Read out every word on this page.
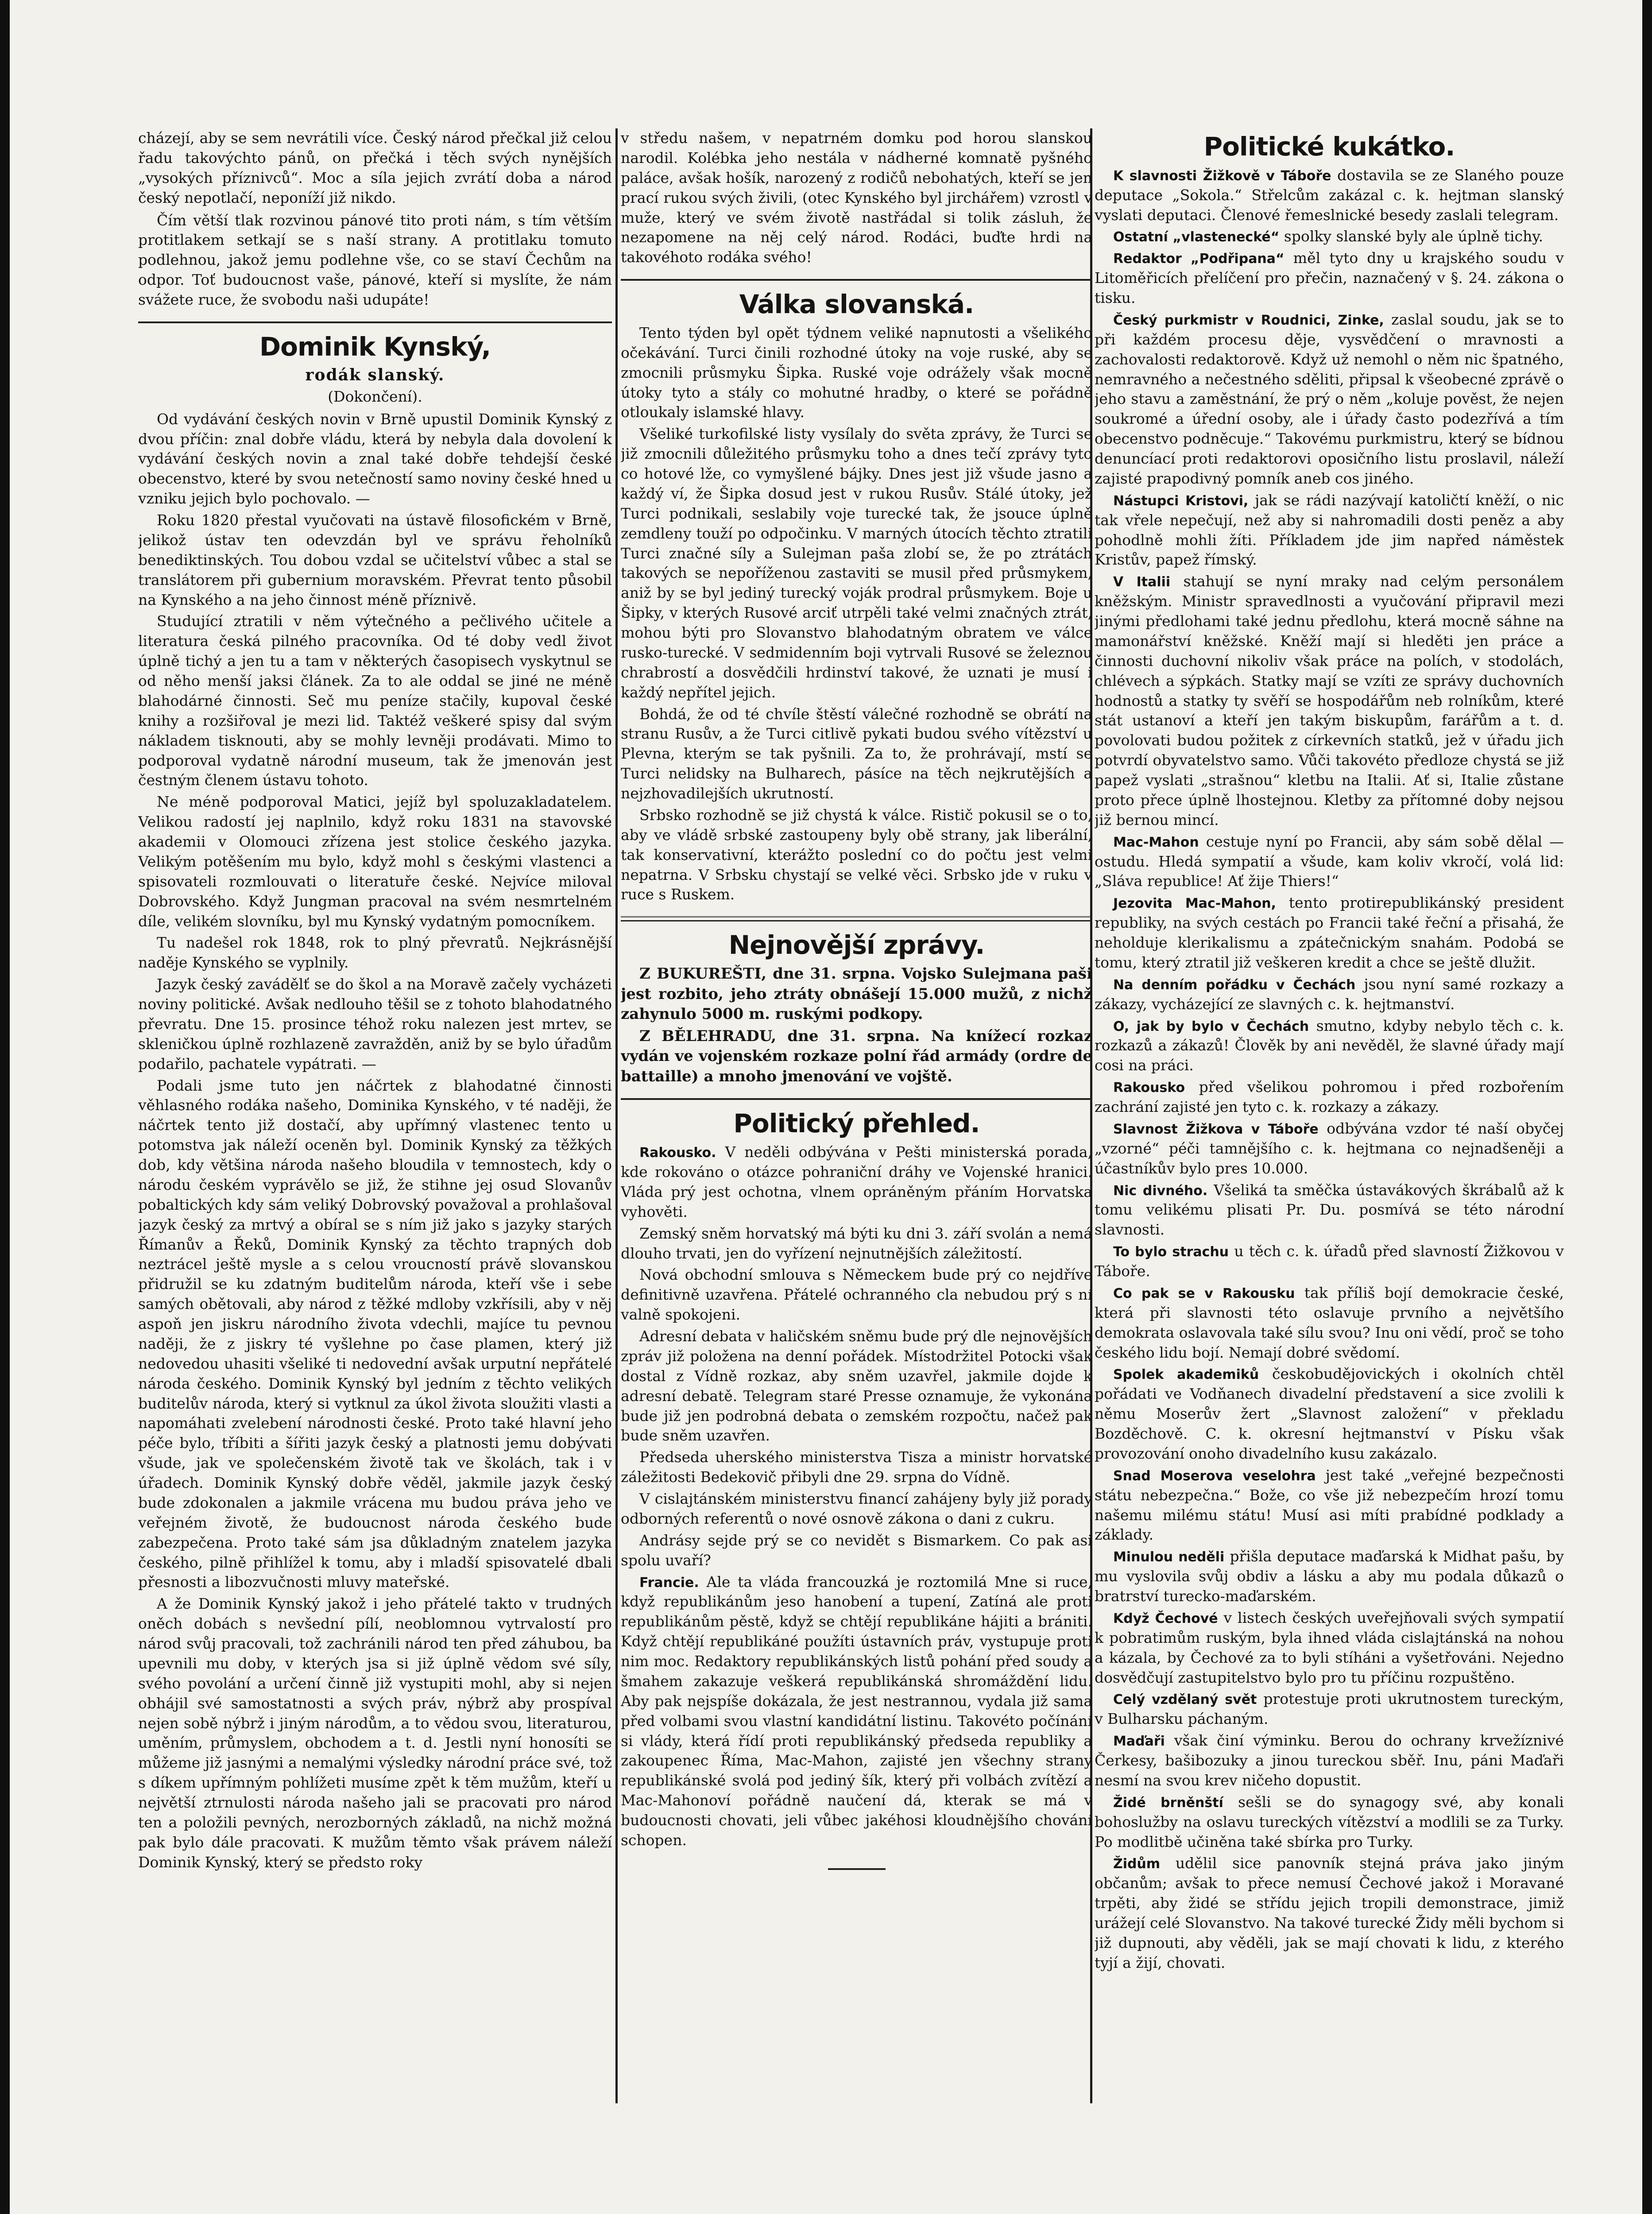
cházejí, aby se sem nevrátili více. Český národ přečkal již celou řadu takovýchto pánů, on přečká i těch svých nynějších „vysokých příznivců“. Moc a síla jejich zvrátí doba a národ český nepotlačí, neponíží již nikdo.

Čím větší tlak rozvinou pánové tito proti nám, s tím větším protitlakem setkají se s naší strany. A protitlaku tomuto podlehnou, jakož jemu podlehne vše, co se staví Čechům na odpor. Toť budoucnost vaše, pánové, kteří si myslíte, že nám svážete ruce, že svobodu naši udupáte!

Dominik Kynský,
rodák slanský.
(Dokončení).

Od vydávání českých novin v Brně upustil Dominik Kynský z dvou příčin: znal dobře vládu, která by nebyla dala dovolení k vydávání českých novin a znal také dobře tehdejší české obecenstvo, které by svou netečností samo noviny české hned u vzniku jejich bylo pochovalo. —

Roku 1820 přestal vyučovati na ústavě filosofickém v Brně, jelikož ústav ten odevzdán byl ve správu řeholníků benediktinských. Tou dobou vzdal se učitelství vůbec a stal se translátorem při gubernium moravském. Převrat tento působil na Kynského a na jeho činnost méně příznivě.

Studující ztratili v něm výtečného a pečlivého učitele a literatura česká pilného pracovníka. Od té doby vedl život úplně tichý a jen tu a tam v některých časopisech vyskytnul se od něho menší jaksi článek. Za to ale oddal se jiné ne méně blahodárné činnosti. Seč mu peníze stačily, kupoval české knihy a rozšiřoval je mezi lid. Taktéž veškeré spisy dal svým nákladem tisknouti, aby se mohly levněji prodávati. Mimo to podporoval vydatně národní museum, tak že jmenován jest čestným členem ústavu tohoto.

Ne méně podporoval Matici, jejíž byl spoluzakladatelem. Velikou radostí jej naplnilo, když roku 1831 na stavovské akademii v Olomouci zřízena jest stolice českého jazyka. Velikým potěšením mu bylo, když mohl s českými vlastenci a spisovateli rozmlouvati o literatuře české. Nejvíce miloval Dobrovského. Když Jungman pracoval na svém nesmrtelném díle, velikém slovníku, byl mu Kynský vydatným pomocníkem.

Tu nadešel rok 1848, rok to plný převratů. Nejkrásnější naděje Kynského se vyplnily.

Jazyk český zavádělť se do škol a na Moravě začely vycházeti noviny politické. Avšak nedlouho těšil se z tohoto blahodatného převratu. Dne 15. prosince téhož roku nalezen jest mrtev, se skleničkou úplně rozhlazeně zavražděn, aniž by se bylo úřadům podařilo, pachatele vypátrati. —

Podali jsme tuto jen náčrtek z blahodatné činnosti věhlasného rodáka našeho, Dominika Kynského, v té naději, že náčrtek tento již dostačí, aby upřímný vlastenec tento u potomstva jak náleží oceněn byl. Dominik Kynský za těžkých dob, kdy většina národa našeho bloudila v temnostech, kdy o národu českém vyprávělo se již, že stihne jej osud Slovanův pobaltických kdy sám veliký Dobrovský považoval a prohlašoval jazyk český za mrtvý a obíral se s ním již jako s jazyky starých Římanův a Řeků, Dominik Kynský za těchto trapných dob neztrácel ještě mysle a s celou vroucností právě slovanskou přidružil se ku zdatným buditelům národa, kteří vše i sebe samých obětovali, aby národ z těžké mdloby vzkřísili, aby v něj aspoň jen jiskru národního života vdechli, majíce tu pevnou naději, že z jiskry té vyšlehne po čase plamen, který již nedovedou uhasiti všeliké ti nedovední avšak urputní nepřátelé národa českého. Dominik Kynský byl jedním z těchto velikých buditelův národa, který si vytknul za úkol života sloužiti vlasti a napomáhati zvelebení národnosti české. Proto také hlavní jeho péče bylo, tříbiti a šířiti jazyk český a platnosti jemu dobývati všude, jak ve společenském životě tak ve školách, tak i v úřadech. Dominik Kynský dobře věděl, jakmile jazyk český bude zdokonalen a jakmile vrácena mu budou práva jeho ve veřejném životě, že budoucnost národa českého bude zabezpečena. Proto také sám jsa důkladným znatelem jazyka českého, pilně přihlížel k tomu, aby i mladší spisovatelé dbali přesnosti a libozvučnosti mluvy mateřské.

A že Dominik Kynský jakož i jeho přátelé takto v trudných oněch dobách s nevšední pílí, neoblomnou vytrvalostí pro národ svůj pracovali, tož zachránili národ ten před záhubou, ba upevnili mu doby, v kterých jsa si již úplně vědom své síly, svého povolání a určení činně již vystupiti mohl, aby si nejen obhájil své samostatnosti a svých práv, nýbrž aby prospíval nejen sobě nýbrž i jiným národům, a to vědou svou, literaturou, uměním, průmyslem, obchodem a t. d. Jestli nyní honosíti se můžeme již jasnými a nemalými výsledky národní práce své, tož s díkem upřímným pohlížeti musíme zpět k těm mužům, kteří u největší ztrnulosti národa našeho jali se pracovati pro národ ten a položili pevných, nerozborných základů, na nichž možná pak bylo dále pracovati. K mužům těmto však právem náleží Dominik Kynský, který se předsto roky

v středu našem, v nepatrném domku pod horou slanskou narodil. Kolébka jeho nestála v nádherné komnatě pyšného paláce, avšak hošík, narozený z rodičů nebohatých, kteří se jen prací rukou svých živili, (otec Kynského byl jirchářem) vzrostl v muže, který ve svém životě nastřádal si tolik zásluh, že nezapomene na něj celý národ. Rodáci, buďte hrdi na takovéhoto rodáka svého!

Válka slovanská.

Tento týden byl opět týdnem veliké napnutosti a všelikého očekávání. Turci činili rozhodné útoky na voje ruské, aby se zmocnili průsmyku Šipka. Ruské voje odrážely však mocně útoky tyto a stály co mohutné hradby, o které se pořádně otloukaly islamské hlavy.

Všeliké turkofilské listy vysílaly do světa zprávy, že Turci se již zmocnili důležitého průsmyku toho a dnes tečí zprávy tyto co hotové lže, co vymyšlené bájky. Dnes jest již všude jasno a každý ví, že Šipka dosud jest v rukou Rusův. Stálé útoky, jež Turci podnikali, seslabily voje turecké tak, že jsouce úplně zemdleny touží po odpočinku. V marných útocích těchto ztratili Turci značné síly a Sulejman paša zlobí se, že po ztrátách takových se nepoříženou zastaviti se musil před průsmykem, aniž by se byl jediný turecký voják prodral průsmykem. Boje u Šipky, v kterých Rusové arciť utrpěli také velmi značných ztrát, mohou býti pro Slovanstvo blahodatným obratem ve válce rusko-turecké. V sedmidenním boji vytrvali Rusové se železnou chrabrostí a dosvědčili hrdinství takové, že uznati je musí i každý nepřítel jejich.

Bohdá, že od té chvíle štěstí válečné rozhodně se obrátí na stranu Rusův, a že Turci citlivě pykati budou svého vítězství u Plevna, kterým se tak pyšnili. Za to, že prohrávají, mstí se Turci nelidsky na Bulharech, pásíce na těch nejkrutějších a nejzhovadilejších ukrutností.

Srbsko rozhodně se již chystá k válce. Ristič pokusil se o to, aby ve vládě srbské zastoupeny byly obě strany, jak liberální, tak konservativní, kterážto poslední co do počtu jest velmi nepatrna. V Srbsku chystají se velké věci. Srbsko jde v ruku v ruce s Ruskem.

Nejnovější zprávy.

Z BUKUREŠTI, dne 31. srpna. Vojsko Sulejmana paši jest rozbito, jeho ztráty obnášejí 15.000 mužů, z nichž zahynulo 5000 m. ruskými podkopy.

Z BĚLEHRADU, dne 31. srpna. Na knížecí rozkaz vydán ve vojenském rozkaze polní řád armády (ordre de battaille) a mnoho jmenování ve vojště.

Politický přehled.

Rakousko. V neděli odbývána v Pešti ministerská porada, kde rokováno o otázce pohraniční dráhy ve Vojenské hranici. Vláda prý jest ochotna, vlnem opráněným přáním Horvatska vyhověti.

Zemský sněm horvatský má býti ku dni 3. září svolán a nemá dlouho trvati, jen do vyřízení nejnutnějších záležitostí.

Nová obchodní smlouva s Německem bude prý co nejdříve definitivně uzavřena. Přátelé ochranného cla nebudou prý s ní valně spokojeni.

Adresní debata v haličském sněmu bude prý dle nejnovějších zpráv již položena na denní pořádek. Místodržitel Potocki však dostal z Vídně rozkaz, aby sněm uzavřel, jakmile dojde k adresní debatě. Telegram staré Presse oznamuje, že vykonána bude již jen podrobná debata o zemském rozpočtu, načež pak bude sněm uzavřen.

Předseda uherského ministerstva Tisza a ministr horvatské záležitosti Bedekovič přibyli dne 29. srpna do Vídně.

V cislajtánském ministerstvu financí zahájeny byly již porady odborných referentů o nové osnově zákona o dani z cukru.

Andrásy sejde prý se co nevidět s Bismarkem. Co pak asi spolu uvaří?

Francie. Ale ta vláda francouzká je roztomilá Mne si ruce, když republikánům jeso hanobení a tupení, Zatíná ale proti republikánům pěstě, když se chtějí republikáne hájiti a brániti. Když chtějí republikáné použíti ústavních práv, vystupuje proti nim moc. Redaktory republikánských listů pohání před soudy a šmahem zakazuje veškerá republikánská shromáždění lidu. Aby pak nejspíše dokázala, že jest nestrannou, vydala již sama před volbami svou vlastní kandidátní listinu. Takovéto počínání si vlády, která řídí proti republikánský předseda republiky a zakoupenec Říma, Mac-Mahon, zajisté jen všechny strany republikánské svolá pod jediný šík, který při volbách zvítězí a Mac-Mahonoví pořádně naučení dá, kterak se má v budoucnosti chovati, jeli vůbec jakéhosi kloudnějšího chování schopen.

Politické kukátko.

K slavnosti Žižkově v Táboře dostavila se ze Slaného pouze deputace „Sokola.“ Střelcům zakázal c. k. hejtman slanský vyslati deputaci. Členové řemeslnické besedy zaslali telegram.

Ostatní „vlastenecké“ spolky slanské byly ale úplně tichy.

Redaktor „Podřipana“ měl tyto dny u krajského soudu v Litoměřicích přelíčení pro přečin, naznačený v §. 24. zákona o tisku.

Český purkmistr v Roudnici, Zinke, zaslal soudu, jak se to při každém procesu děje, vysvědčení o mravnosti a zachovalosti redaktorově. Když už nemohl o něm nic špatného, nemravného a nečestného sděliti, připsal k všeobecné zprávě o jeho stavu a zaměstnání, že prý o něm „koluje pověst, že nejen soukromé a úřední osoby, ale i úřady často podezřívá a tím obecenstvo podněcuje.“ Takovému purkmistru, který se bídnou denuncíací proti redaktorovi oposičního listu proslavil, náleží zajisté prapodivný pomník aneb cos jiného.

Nástupci Kristovi, jak se rádi nazývají katoličtí kněží, o nic tak vřele nepečují, než aby si nahromadili dosti peněz a aby pohodlně mohli žíti. Příkladem jde jim napřed náměstek Kristův, papež římský.

V Italii stahují se nyní mraky nad celým personálem kněžským. Ministr spravedlnosti a vyučování připravil mezi jinými předlohami také jednu předlohu, která mocně sáhne na mamonářství kněžské. Kněží mají si hleděti jen práce a činnosti duchovní nikoliv však práce na polích, v stodolách, chlévech a sýpkách. Statky mají se vzíti ze správy duchovních hodnostů a statky ty svěří se hospodářům neb rolníkům, které stát ustanoví a kteří jen takým biskupům, farářům a t. d. povolovati budou požitek z církevních statků, jež v úřadu jich potvrdí obyvatelstvo samo. Vůči takovéto předloze chystá se již papež vyslati „strašnou“ kletbu na Italii. Ať si, Italie zůstane proto přece úplně lhostejnou. Kletby za přítomné doby nejsou již bernou mincí.

Mac-Mahon cestuje nyní po Francii, aby sám sobě dělal — ostudu. Hledá sympatií a všude, kam koliv vkročí, volá lid: „Sláva republice! Ať žije Thiers!“

Jezovita Mac-Mahon, tento protirepublikánský president republiky, na svých cestách po Francii také řeční a přisahá, že neholduje klerikalismu a zpátečnickým snahám. Podobá se tomu, který ztratil již veškeren kredit a chce se ještě dlužit.

Na denním pořádku v Čechách jsou nyní samé rozkazy a zákazy, vycházející ze slavných c. k. hejtmanství.

O, jak by bylo v Čechách smutno, kdyby nebylo těch c. k. rozkazů a zákazů! Člověk by ani nevěděl, že slavné úřady mají cosi na práci.

Rakousko před všelikou pohromou i před rozbořením zachrání zajisté jen tyto c. k. rozkazy a zákazy.

Slavnost Žižkova v Táboře odbývána vzdor té naší obyčej „vzorné“ péči tamnějšího c. k. hejtmana co nejnadšeněji a účastníkův bylo pres 10.000.

Nic divného. Všeliká ta směčka ústavákových škrábalů až k tomu velikému plisati Pr. Du. posmívá se této národní slavnosti.

To bylo strachu u těch c. k. úřadů před slavností Žižkovou v Táboře.

Co pak se v Rakousku tak příliš bojí demokracie české, která při slavnosti této oslavuje prvního a největšího demokrata oslavovala také sílu svou? Inu oni vědí, proč se toho českého lidu bojí. Nemají dobré svědomí.

Spolek akademiků českobudějovických i okolních chtěl pořádati ve Vodňanech divadelní představení a sice zvolili k němu Moserův žert „Slavnost založení“ v překladu Bozděchově. C. k. okresní hejtmanství v Písku však provozování onoho divadelního kusu zakázalo.

Snad Moserova veselohra jest také „veřejné bezpečnosti státu nebezpečna.“ Bože, co vše již nebezpečím hrozí tomu našemu milému státu! Musí asi míti prabídné podklady a základy.

Minulou neděli přišla deputace maďarská k Midhat pašu, by mu vyslovila svůj obdiv a lásku a aby mu podala důkazů o bratrství turecko-maďarském.

Když Čechové v listech českých uveřejňovali svých sympatií k pobratimům ruským, byla ihned vláda cislajtánská na nohou a kázala, by Čechové za to byli stíháni a vyšetřováni. Nejedno dosvědčují zastupitelstvo bylo pro tu příčinu rozpuštěno.

Celý vzdělaný svět protestuje proti ukrutnostem tureckým, v Bulharsku páchaným.

Maďaři však činí výminku. Berou do ochrany krvežíznivé Čerkesy, bašibozuky a jinou tureckou sběř. Inu, páni Maďaři nesmí na svou krev ničeho dopustit.

Židé brněnští sešli se do synagogy své, aby konali bohoslužby na oslavu tureckých vítězství a modlili se za Turky. Po modlitbě učiněna také sbírka pro Turky.

Židům udělil sice panovník stejná práva jako jiným občanům; avšak to přece nemusí Čechové jakož i Moravané trpěti, aby židé se střídu jejich tropili demonstrace, jimiž urážejí celé Slovanstvo. Na takové turecké Židy měli bychom si již dupnouti, aby věděli, jak se mají chovati k lidu, z kterého tyjí a žijí, chovati.
